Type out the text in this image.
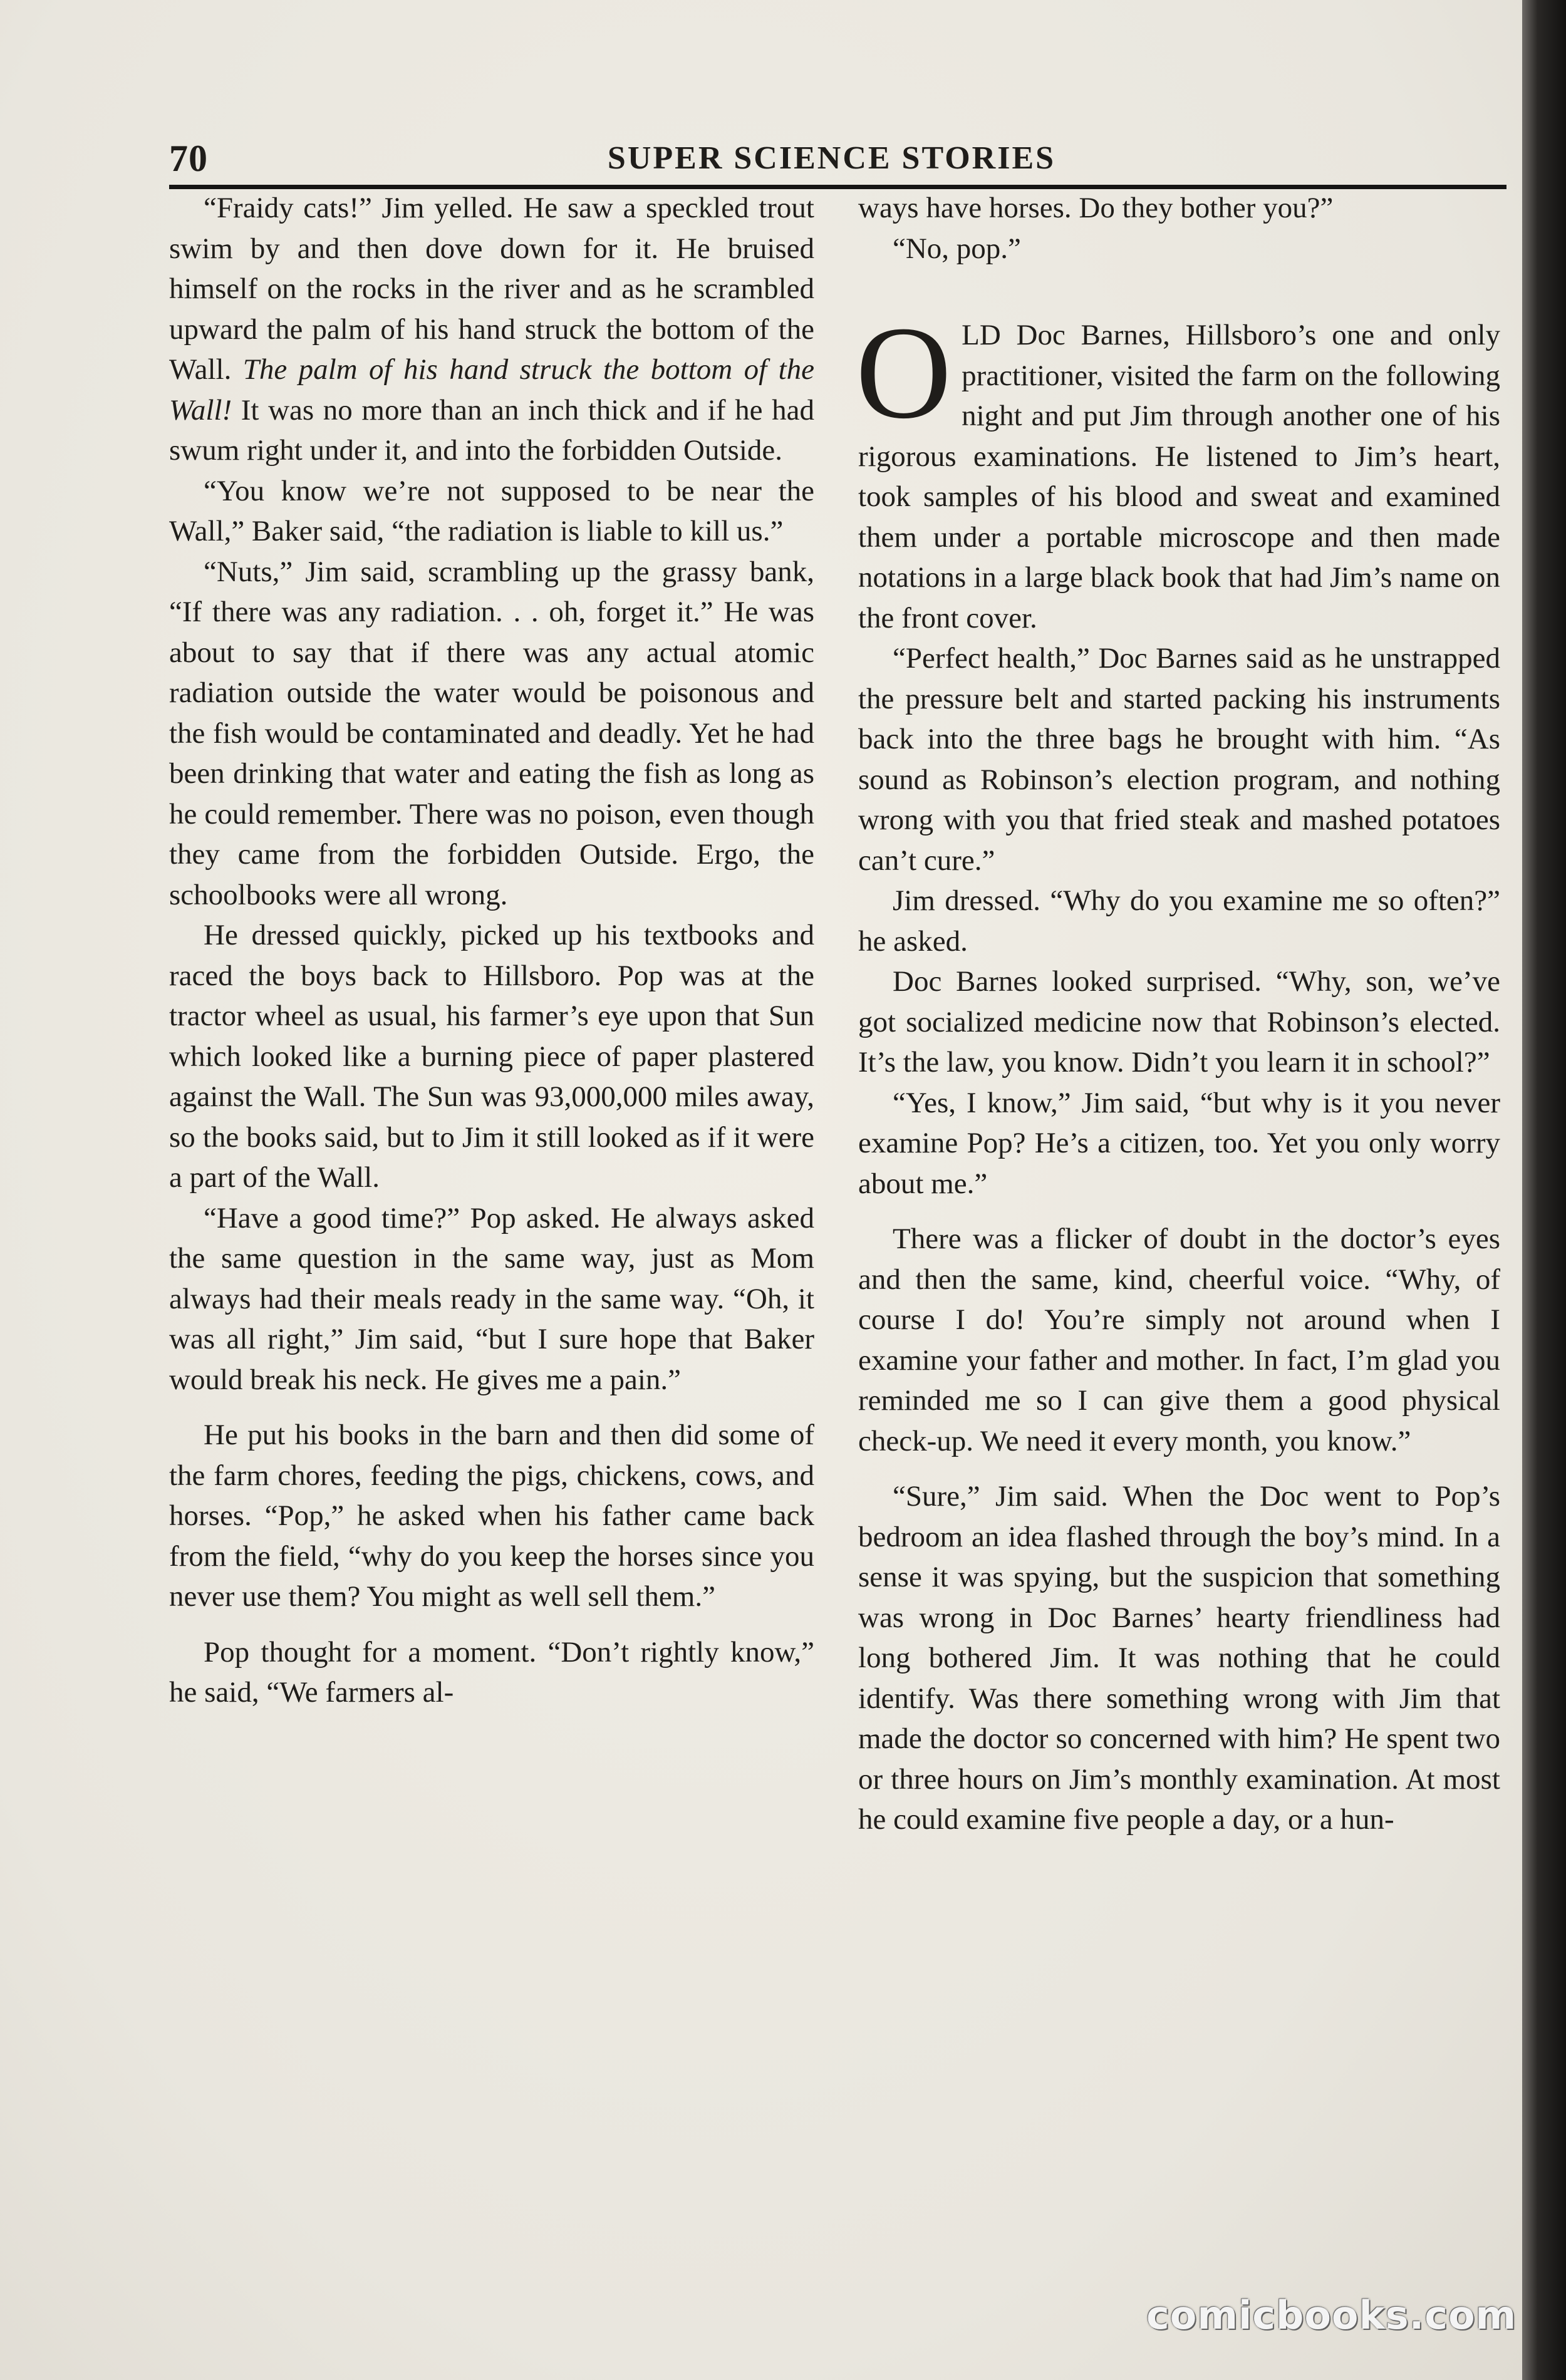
70	SUPER SCIENCE STORIES

“Fraidy cats!” Jim yelled. He saw a speckled trout swim by and then dove down for it. He bruised himself on the rocks in the river and as he scrambled upward the palm of his hand struck the bottom of the Wall. The palm of his hand struck the bottom of the Wall! It was no more than an inch thick and if he had swum right under it, and into the forbidden Outside.

“You know we’re not supposed to be near the Wall,” Baker said, “the radiation is liable to kill us.”

“Nuts,” Jim said, scrambling up the grassy bank, “If there was any radiation. . . oh, forget it.” He was about to say that if there was any actual atomic radiation outside the water would be poisonous and the fish would be contaminated and deadly. Yet he had been drinking that water and eating the fish as long as he could remember. There was no poison, even though they came from the forbidden Outside. Ergo, the schoolbooks were all wrong.

He dressed quickly, picked up his textbooks and raced the boys back to Hillsboro. Pop was at the tractor wheel as usual, his farmer’s eye upon that Sun which looked like a burning piece of paper plastered against the Wall. The Sun was 93,000,000 miles away, so the books said, but to Jim it still looked as if it were a part of the Wall.

“Have a good time?” Pop asked. He always asked the same question in the same way, just as Mom always had their meals ready in the same way. “Oh, it was all right,” Jim said, “but I sure hope that Baker would break his neck. He gives me a pain.”

He put his books in the barn and then did some of the farm chores, feeding the pigs, chickens, cows, and horses. “Pop,” he asked when his father came back from the field, “why do you keep the horses since you never use them? You might as well sell them.”

Pop thought for a moment. “Don’t rightly know,” he said, “We farmers al-

ways have horses. Do they bother you?”

“No, pop.”

OLD Doc Barnes, Hillsboro’s one and only practitioner, visited the farm on the following night and put Jim through another one of his rigorous examinations. He listened to Jim’s heart, took samples of his blood and sweat and examined them under a portable microscope and then made notations in a large black book that had Jim’s name on the front cover.

“Perfect health,” Doc Barnes said as he unstrapped the pressure belt and started packing his instruments back into the three bags he brought with him. “As sound as Robinson’s election program, and nothing wrong with you that fried steak and mashed potatoes can’t cure.”

Jim dressed. “Why do you examine me so often?” he asked.

Doc Barnes looked surprised. “Why, son, we’ve got socialized medicine now that Robinson’s elected. It’s the law, you know. Didn’t you learn it in school?”

“Yes, I know,” Jim said, “but why is it you never examine Pop? He’s a citizen, too. Yet you only worry about me.”

There was a flicker of doubt in the doctor’s eyes and then the same, kind, cheerful voice. “Why, of course I do! You’re simply not around when I examine your father and mother. In fact, I’m glad you reminded me so I can give them a good physical check-up. We need it every month, you know.”

“Sure,” Jim said. When the Doc went to Pop’s bedroom an idea flashed through the boy’s mind. In a sense it was spying, but the suspicion that something was wrong in Doc Barnes’ hearty friendliness had long bothered Jim. It was nothing that he could identify. Was there something wrong with Jim that made the doctor so concerned with him? He spent two or three hours on Jim’s monthly examination. At most he could examine five people a day, or a hun-

comicbooks.com
